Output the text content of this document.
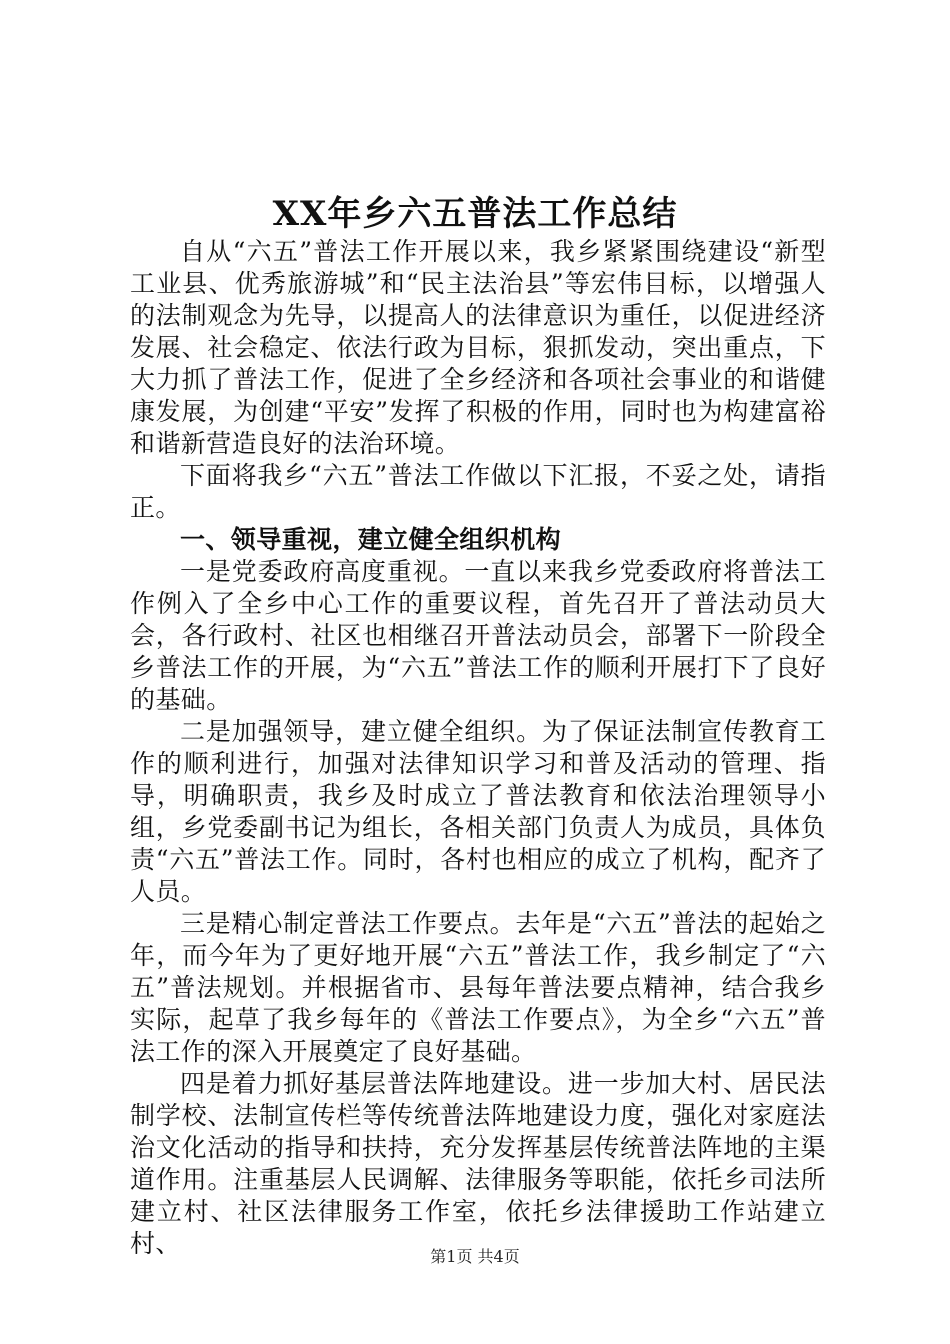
XX年乡六五普法工作总结

自从“六五”普法工作开展以来，我乡紧紧围绕建设“新型工业县、优秀旅游城”和“民主法治县”等宏伟目标，以增强人的法制观念为先导，以提高人的法律意识为重任，以促进经济发展、社会稳定、依法行政为目标，狠抓发动，突出重点，下大力抓了普法工作，促进了全乡经济和各项社会事业的和谐健康发展，为创建“平安”发挥了积极的作用，同时也为构建富裕和谐新营造良好的法治环境。

下面将我乡“六五”普法工作做以下汇报，不妥之处，请指正。

一、领导重视，建立健全组织机构

一是党委政府高度重视。一直以来我乡党委政府将普法工作例入了全乡中心工作的重要议程，首先召开了普法动员大会，各行政村、社区也相继召开普法动员会，部署下一阶段全乡普法工作的开展，为“六五”普法工作的顺利开展打下了良好的基础。

二是加强领导，建立健全组织。为了保证法制宣传教育工作的顺利进行，加强对法律知识学习和普及活动的管理、指导，明确职责，我乡及时成立了普法教育和依法治理领导小组，乡党委副书记为组长，各相关部门负责人为成员，具体负责“六五”普法工作。同时，各村也相应的成立了机构，配齐了人员。

三是精心制定普法工作要点。去年是“六五”普法的起始之年，而今年为了更好地开展“六五”普法工作，我乡制定了“六五”普法规划。并根据省市、县每年普法要点精神，结合我乡实际，起草了我乡每年的《普法工作要点》，为全乡“六五”普法工作的深入开展奠定了良好基础。

四是着力抓好基层普法阵地建设。进一步加大村、居民法制学校、法制宣传栏等传统普法阵地建设力度，强化对家庭法治文化活动的指导和扶持，充分发挥基层传统普法阵地的主渠道作用。注重基层人民调解、法律服务等职能，依托乡司法所建立村、社区法律服务工作室，依托乡法律援助工作站建立村、	第1页 共4页
